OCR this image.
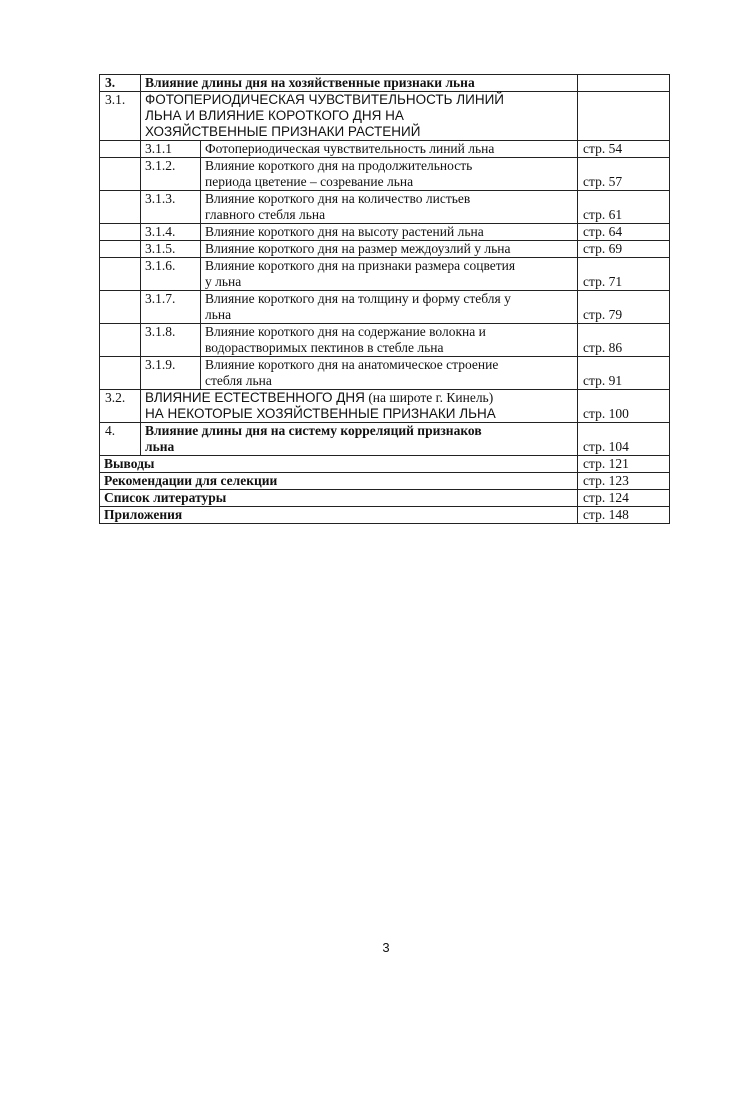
3.	Влияние длины дня на хозяйственные признаки льна		
3.1.	ФОТОПЕРИОДИЧЕСКАЯ ЧУВСТВИТЕЛЬНОСТЬ ЛИНИЙ
ЛЬНА И ВЛИЯНИЕ КОРОТКОГО ДНЯ НА
ХОЗЯЙСТВЕННЫЕ ПРИЗНАКИ РАСТЕНИЙ		

	3.1.1	Фотопериодическая чувствительность линий льна	стр. 54
	3.1.2.	Влияние короткого дня на продолжительность
периода цветение – созревание льна	стр. 57
	3.1.3.	Влияние короткого дня на количество листьев
главного стебля льна	стр. 61
	3.1.4.	Влияние короткого дня на высоту растений льна	стр. 64
	3.1.5.	Влияние короткого дня на размер междоузлий у льна	стр. 69
	3.1.6.	Влияние короткого дня на признаки размера соцветия
у льна	стр. 71
	3.1.7.	Влияние короткого дня на толщину и форму стебля у
льна	стр. 79
	3.1.8.	Влияние короткого дня на содержание волокна и
водорастворимых пектинов в стебле льна	стр. 86
	3.1.9.	Влияние короткого дня на анатомическое строение
стебля льна	стр. 91
3.2.	ВЛИЯНИЕ ЕСТЕСТВЕННОГО ДНЯ (на широте г. Кинель)
НА НЕКОТОРЫЕ ХОЗЯЙСТВЕННЫЕ ПРИЗНАКИ ЛЬНА		стр. 100
4.	Влияние длины дня на систему корреляций признаков
льна		стр. 104
Выводы			стр. 121
Рекомендации для селекции			стр. 123
Список литературы			стр. 124
Приложения			стр. 148
3
